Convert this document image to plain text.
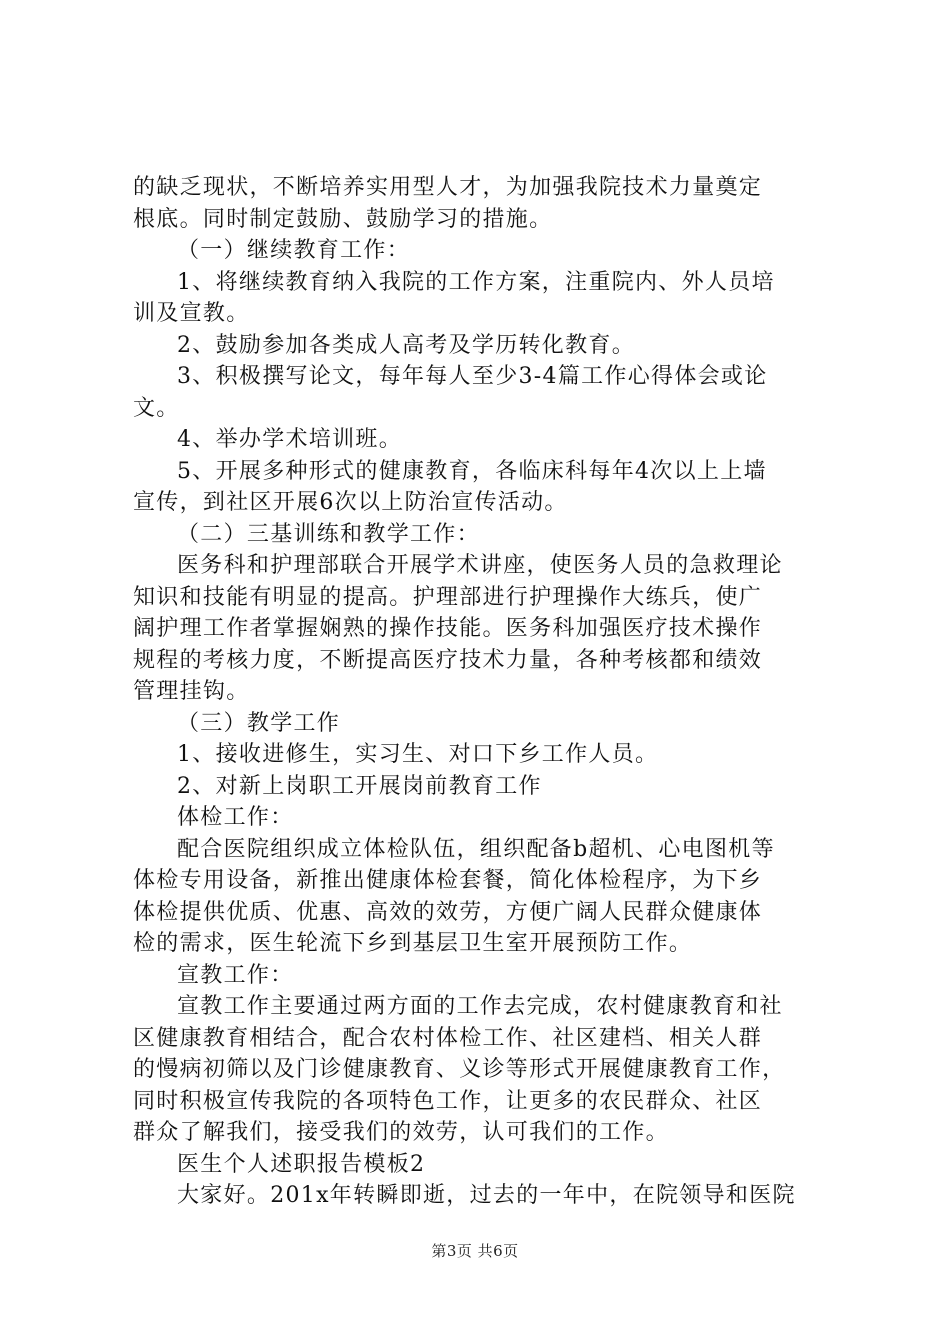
的缺乏现状，不断培养实用型人才，为加强我院技术力量奠定
根底。同时制定鼓励、鼓励学习的措施。
（一）继续教育工作：
1、将继续教育纳入我院的工作方案，注重院内、外人员培
训及宣教。
2、鼓励参加各类成人高考及学历转化教育。
3、积极撰写论文，每年每人至少3-4篇工作心得体会或论
文。
4、举办学术培训班。
5、开展多种形式的健康教育，各临床科每年4次以上上墙
宣传，到社区开展6次以上防治宣传活动。
（二）三基训练和教学工作：
医务科和护理部联合开展学术讲座，使医务人员的急救理论
知识和技能有明显的提高。护理部进行护理操作大练兵，使广
阔护理工作者掌握娴熟的操作技能。医务科加强医疗技术操作
规程的考核力度，不断提高医疗技术力量，各种考核都和绩效
管理挂钩。
（三）教学工作
1、接收进修生，实习生、对口下乡工作人员。
2、对新上岗职工开展岗前教育工作
体检工作：
配合医院组织成立体检队伍，组织配备b超机、心电图机等
体检专用设备，新推出健康体检套餐，简化体检程序，为下乡
体检提供优质、优惠、高效的效劳，方便广阔人民群众健康体
检的需求，医生轮流下乡到基层卫生室开展预防工作。
宣教工作：
宣教工作主要通过两方面的工作去完成，农村健康教育和社
区健康教育相结合，配合农村体检工作、社区建档、相关人群
的慢病初筛以及门诊健康教育、义诊等形式开展健康教育工作，
同时积极宣传我院的各项特色工作，让更多的农民群众、社区
群众了解我们，接受我们的效劳，认可我们的工作。
医生个人述职报告模板2
大家好。201x年转瞬即逝，过去的一年中，在院领导和医院
第3页 共6页
